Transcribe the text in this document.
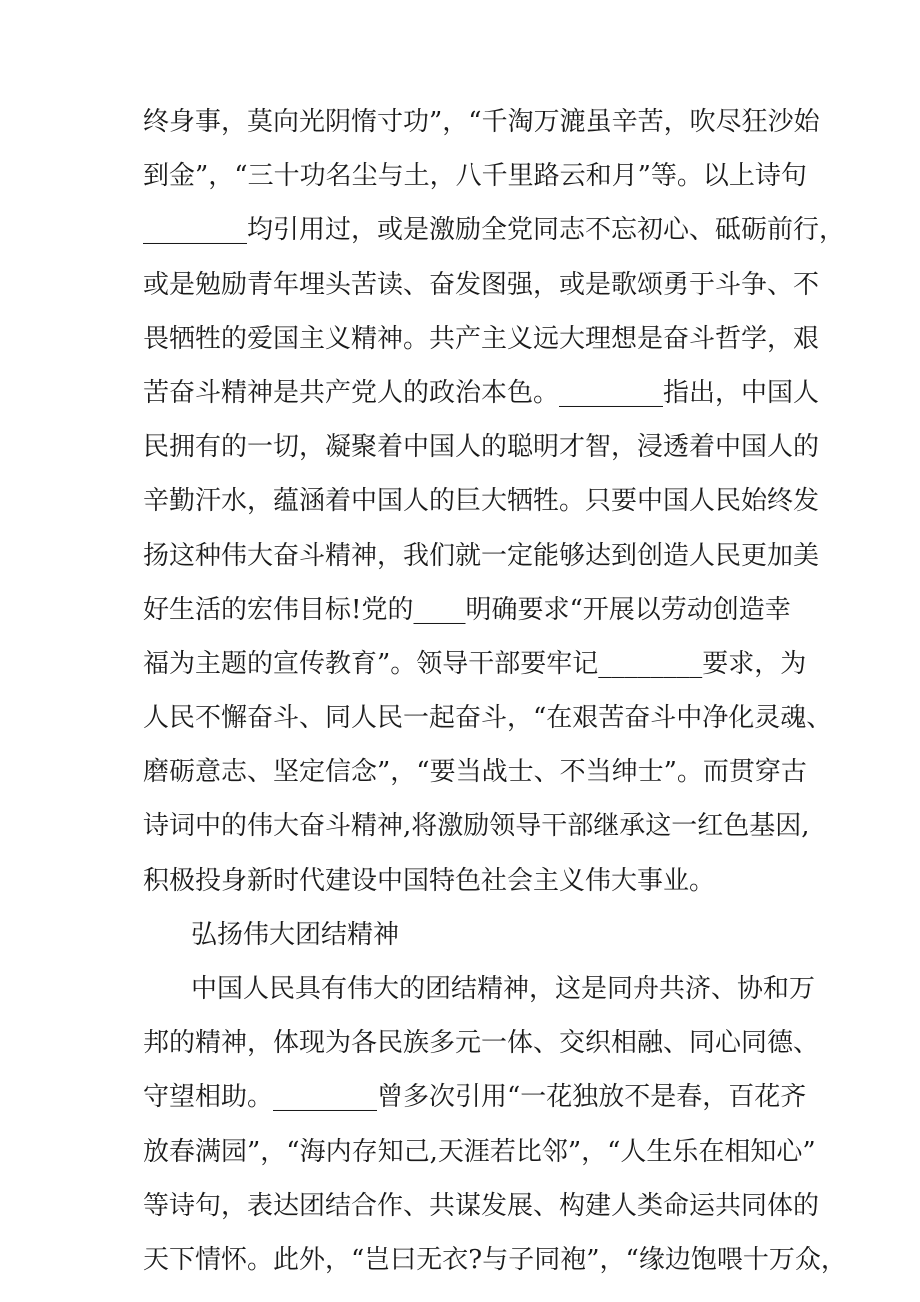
终身事，莫向光阴惰寸功”，“千淘万漉虽辛苦，吹尽狂沙始
到金”，“三十功名尘与土，八千里路云和月”等。以上诗句
________均引用过，或是激励全党同志不忘初心、砥砺前行，
或是勉励青年埋头苦读、奋发图强，或是歌颂勇于斗争、不
畏牺牲的爱国主义精神。共产主义远大理想是奋斗哲学，艰
苦奋斗精神是共产党人的政治本色。________指出，中国人
民拥有的一切，凝聚着中国人的聪明才智，浸透着中国人的
辛勤汗水，蕴涵着中国人的巨大牺牲。只要中国人民始终发
扬这种伟大奋斗精神，我们就一定能够达到创造人民更加美
好生活的宏伟目标!党的____明确要求“开展以劳动创造幸
福为主题的宣传教育”。领导干部要牢记________要求，为
人民不懈奋斗、同人民一起奋斗，“在艰苦奋斗中净化灵魂、
磨砺意志、坚定信念”，“要当战士、不当绅士”。而贯穿古
诗词中的伟大奋斗精神,将激励领导干部继承这一红色基因,
积极投身新时代建设中国特色社会主义伟大事业。
弘扬伟大团结精神
中国人民具有伟大的团结精神，这是同舟共济、协和万
邦的精神，体现为各民族多元一体、交织相融、同心同德、
守望相助。________曾多次引用“一花独放不是春，百花齐
放春满园”，“海内存知己,天涯若比邻”，“人生乐在相知心”
等诗句，表达团结合作、共谋发展、构建人类命运共同体的
天下情怀。此外，“岂曰无衣?与子同袍”，“缘边饱喂十万众，
